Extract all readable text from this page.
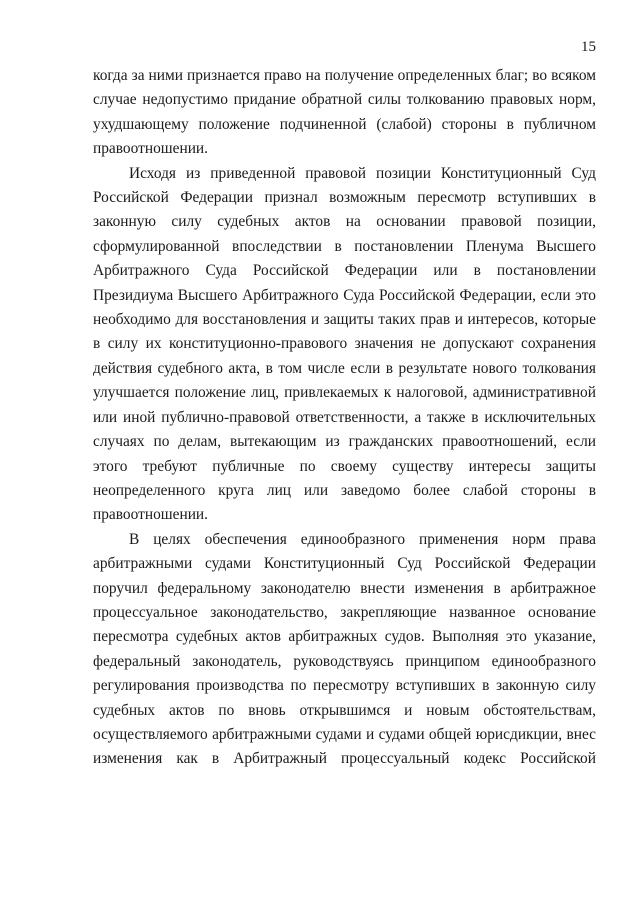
15

когда за ними признается право на получение определенных благ; во всяком случае недопустимо придание обратной силы толкованию правовых норм, ухудшающему положение подчиненной (слабой) стороны в публичном правоотношении.

Исходя из приведенной правовой позиции Конституционный Суд Российской Федерации признал возможным пересмотр вступивших в законную силу судебных актов на основании правовой позиции, сформулированной впоследствии в постановлении Пленума Высшего Арбитражного Суда Российской Федерации или в постановлении Президиума Высшего Арбитражного Суда Российской Федерации, если это необходимо для восстановления и защиты таких прав и интересов, которые в силу их конституционно-правового значения не допускают сохранения действия судебного акта, в том числе если в результате нового толкования улучшается положение лиц, привлекаемых к налоговой, административной или иной публично-правовой ответственности, а также в исключительных случаях по делам, вытекающим из гражданских правоотношений, если этого требуют публичные по своему существу интересы защиты неопределенного круга лиц или заведомо более слабой стороны в правоотношении.

В целях обеспечения единообразного применения норм права арбитражными судами Конституционный Суд Российской Федерации поручил федеральному законодателю внести изменения в арбитражное процессуальное законодательство, закрепляющие названное основание пересмотра судебных актов арбитражных судов. Выполняя это указание, федеральный законодатель, руководствуясь принципом единообразного регулирования производства по пересмотру вступивших в законную силу судебных актов по вновь открывшимся и новым обстоятельствам, осуществляемого арбитражными судами и судами общей юрисдикции, внес изменения как в Арбитражный процессуальный кодекс Российской
